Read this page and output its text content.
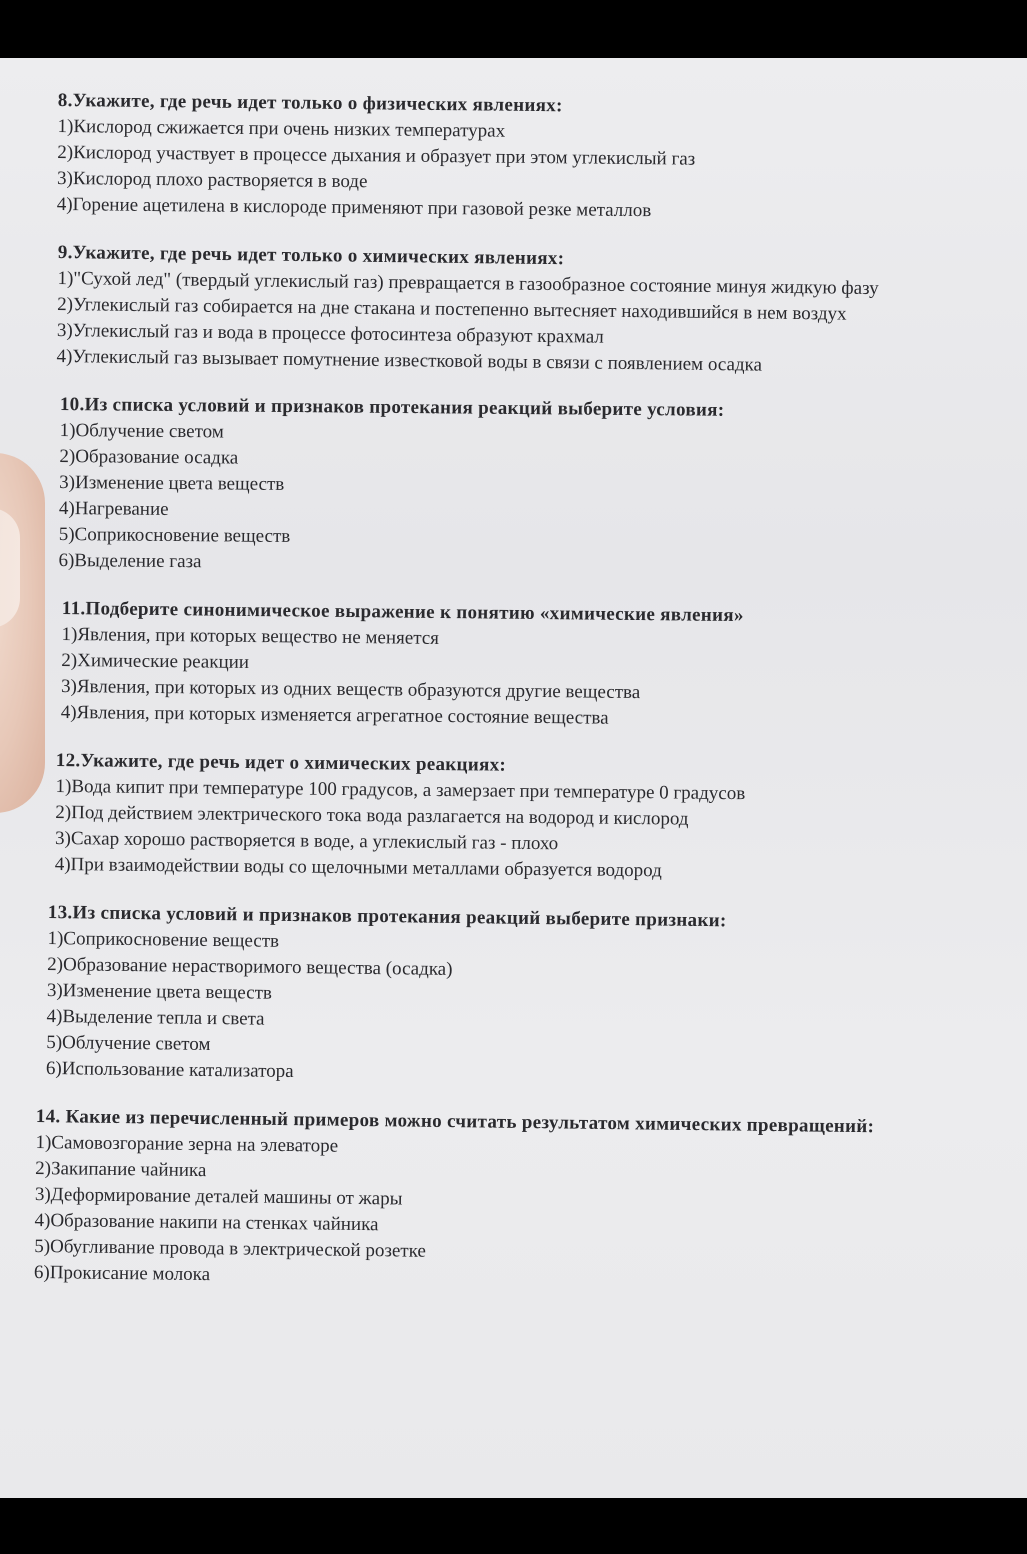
8.Укажите, где речь идет только о физических явлениях:

1)Кислород сжижается при очень низких температурах

2)Кислород участвует в процессе дыхания и образует при этом углекислый газ

3)Кислород плохо растворяется в воде

4)Горение ацетилена в кислороде применяют при газовой резке металлов

9.Укажите, где речь идет только о химических явлениях:

1)"Сухой лед" (твердый углекислый газ) превращается в газообразное состояние минуя жидкую фазу

2)Углекислый газ собирается на дне стакана и постепенно вытесняет находившийся в нем воздух

3)Углекислый газ и вода в процессе фотосинтеза образуют крахмал

4)Углекислый газ вызывает помутнение известковой воды в связи с появлением осадка

10.Из списка условий и признаков протекания реакций выберите условия:

1)Облучение светом

2)Образование осадка

3)Изменение цвета веществ

4)Нагревание

5)Соприкосновение веществ

6)Выделение газа

11.Подберите синонимическое выражение к понятию «химические явления»

1)Явления, при которых вещество не меняется

2)Химические реакции

3)Явления, при которых из одних веществ образуются другие вещества

4)Явления, при которых изменяется агрегатное состояние вещества

12.Укажите, где речь идет о химических реакциях:

1)Вода кипит при температуре 100 градусов, а замерзает при температуре 0 градусов

2)Под действием электрического тока вода разлагается на водород и кислород

3)Сахар хорошо растворяется в воде, а углекислый газ - плохо

4)При взаимодействии воды со щелочными металлами образуется водород

13.Из списка условий и признаков протекания реакций выберите признаки:

1)Соприкосновение веществ

2)Образование нерастворимого вещества (осадка)

3)Изменение цвета веществ

4)Выделение тепла и света

5)Облучение светом

6)Использование катализатора

14. Какие из перечисленный примеров можно считать результатом химических превращений:

1)Самовозгорание зерна на элеваторе

2)Закипание чайника

3)Деформирование деталей машины от жары

4)Образование накипи на стенках чайника

5)Обугливание провода в электрической розетке

6)Прокисание молока
